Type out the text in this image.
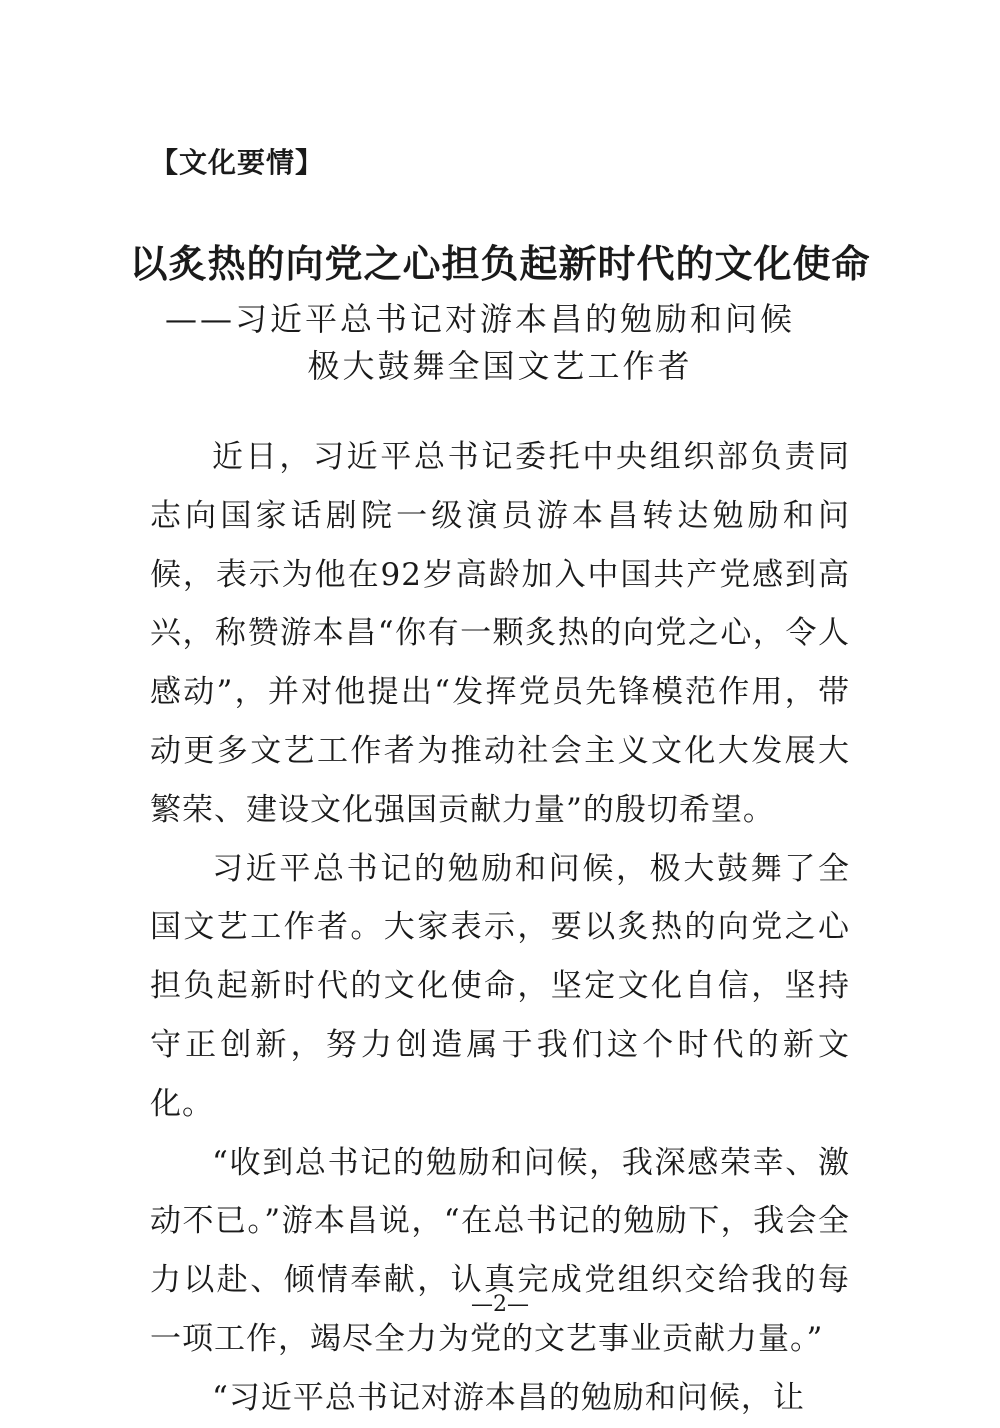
【文化要情】
以炙热的向党之心担负起新时代的文化使命
——习近平总书记对游本昌的勉励和问候
极大鼓舞全国文艺工作者

近日，习近平总书记委托中央组织部负责同志向国家话剧院一级演员游本昌转达勉励和问候，表示为他在92岁高龄加入中国共产党感到高兴，称赞游本昌“你有一颗炙热的向党之心，令人感动”，并对他提出“发挥党员先锋模范作用，带动更多文艺工作者为推动社会主义文化大发展大繁荣、建设文化强国贡献力量”的殷切希望。

习近平总书记的勉励和问候，极大鼓舞了全国文艺工作者。大家表示，要以炙热的向党之心担负起新时代的文化使命，坚定文化自信，坚持守正创新，努力创造属于我们这个时代的新文化。

“收到总书记的勉励和问候，我深感荣幸、激动不已。”游本昌说，“在总书记的勉励下，我会全力以赴、倾情奉献，认真完成党组织交给我的每一项工作，竭尽全力为党的文艺事业贡献力量。”

“习近平总书记对游本昌的勉励和问候，让

—2—
